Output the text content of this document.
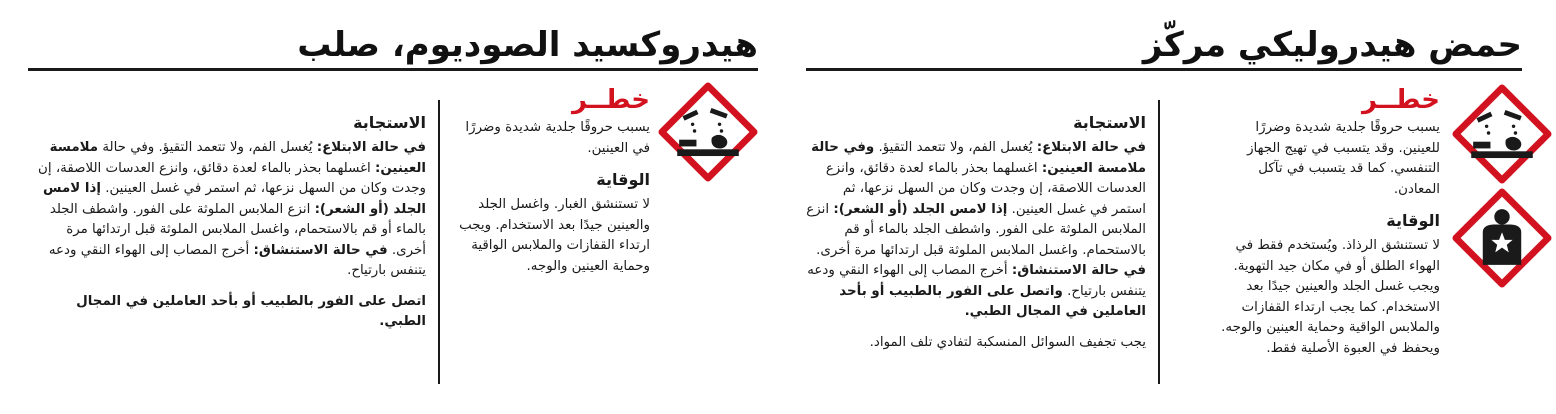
حمض هيدروليكي مركّز
خطــر

يسبب حروقًا جلدية شديدة وضررًا للعينين. وقد يتسبب في تهيج الجهاز التنفسي. كما قد يتسبب في تآكل المعادن.

الوقاية

لا تستنشق الرذاذ. ويُستخدم فقط في الهواء الطلق أو في مكان جيد التهوية. ويجب غسل الجلد والعينين جيدًا بعد الاستخدام. كما يجب ارتداء القفازات والملابس الواقية وحماية العينين والوجه. ويحفظ في العبوة الأصلية فقط.

الاستجابة

في حالة الابتلاع: يُغسل الفم، ولا تتعمد التقيؤ. وفي حالة ملامسة العينين: اغسلهما بحذر بالماء لعدة دقائق، وانزع العدسات اللاصقة، إن وجدت وكان من السهل نزعها، ثم استمر في غسل العينين. إذا لامس الجلد (أو الشعر): انزع الملابس الملوثة على الفور. واشطف الجلد بالماء أو قم بالاستحمام. واغسل الملابس الملوثة قبل ارتدائها مرة أخرى. في حالة الاستنشاق: أخرج المصاب إلى الهواء النقي ودعه يتنفس بارتياح. واتصل على الفور بالطبيب أو بأحد العاملين في المجال الطبي.

يجب تجفيف السوائل المنسكبة لتفادي تلف المواد.

هيدروكسيد الصوديوم، صلب
خطــر

يسبب حروقًا جلدية شديدة وضررًا في العينين.

الوقاية

لا تستنشق الغبار. واغسل الجلد والعينين جيدًا بعد الاستخدام. ويجب ارتداء القفازات والملابس الواقية وحماية العينين والوجه.

الاستجابة

في حالة الابتلاع: يُغسل الفم، ولا تتعمد التقيؤ. وفي حالة ملامسة العينين: اغسلهما بحذر بالماء لعدة دقائق، وانزع العدسات اللاصقة، إن وجدت وكان من السهل نزعها، ثم استمر في غسل العينين. إذا لامس الجلد (أو الشعر): انزع الملابس الملوثة على الفور. واشطف الجلد بالماء أو قم بالاستحمام، واغسل الملابس الملوثة قبل ارتدائها مرة أخرى. في حالة الاستنشاق: أخرج المصاب إلى الهواء النقي ودعه يتنفس بارتياح.

اتصل على الفور بالطبيب أو بأحد العاملين في المجال الطبي.
